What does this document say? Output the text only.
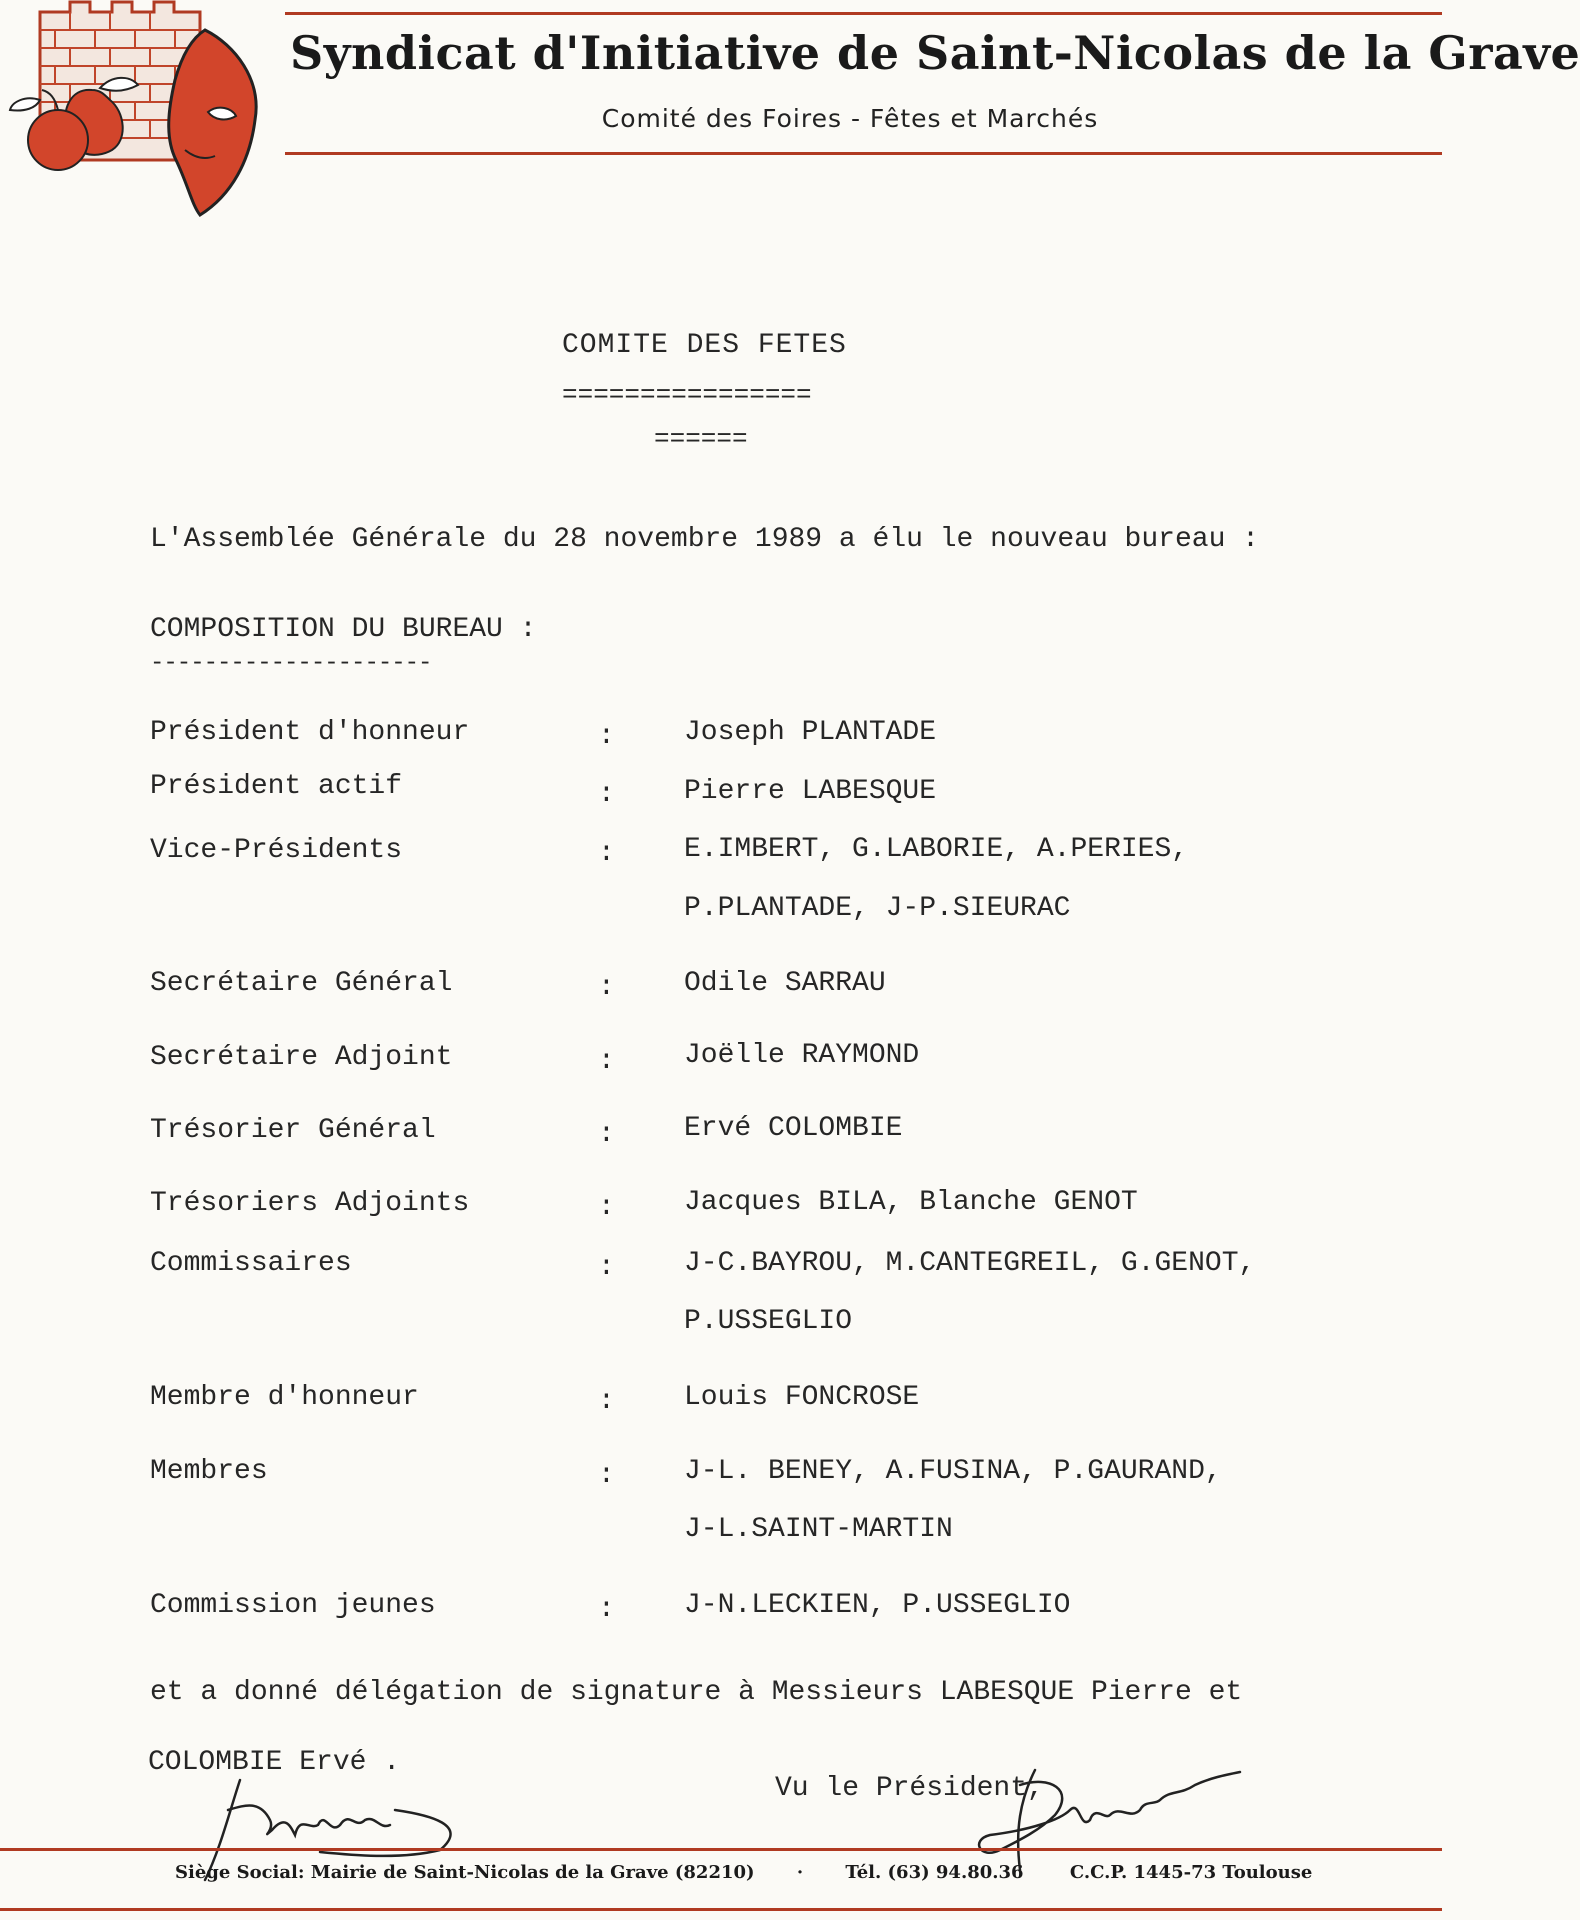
Syndicat d'Initiative de Saint-Nicolas de la Grave
Comité des Foires - Fêtes et Marchés
COMITE DES FETES
================
======
L'Assemblée Générale du 28 novembre 1989 a élu le nouveau bureau :
COMPOSITION DU BUREAU :
---------------------
Président d'honneur	: Joseph PLANTADE
Président actif	: Pierre LABESQUE
Vice-Présidents	: E.IMBERT, G.LABORIE, A.PERIES,
P.PLANTADE, J-P.SIEURAC
Secrétaire Général	: Odile SARRAU
Secrétaire Adjoint	: Joëlle RAYMOND
Trésorier Général	: Ervé COLOMBIE
Trésoriers Adjoints	: Jacques BILA, Blanche GENOT
Commissaires	: J-C.BAYROU, M.CANTEGREIL, G.GENOT,
P.USSEGLIO
Membre d'honneur	: Louis FONCROSE
Membres	: J-L. BENEY, A.FUSINA, P.GAURAND,
J-L.SAINT-MARTIN
Commission jeunes	: J-N.LECKIEN, P.USSEGLIO
et a donné délégation de signature à Messieurs LABESQUE Pierre et
COLOMBIE Ervé .
Vu le Président,
Siège Social: Mairie de Saint-Nicolas de la Grave (82210) · Tél. (63) 94.80.36	C.C.P. 1445-73 Toulouse
